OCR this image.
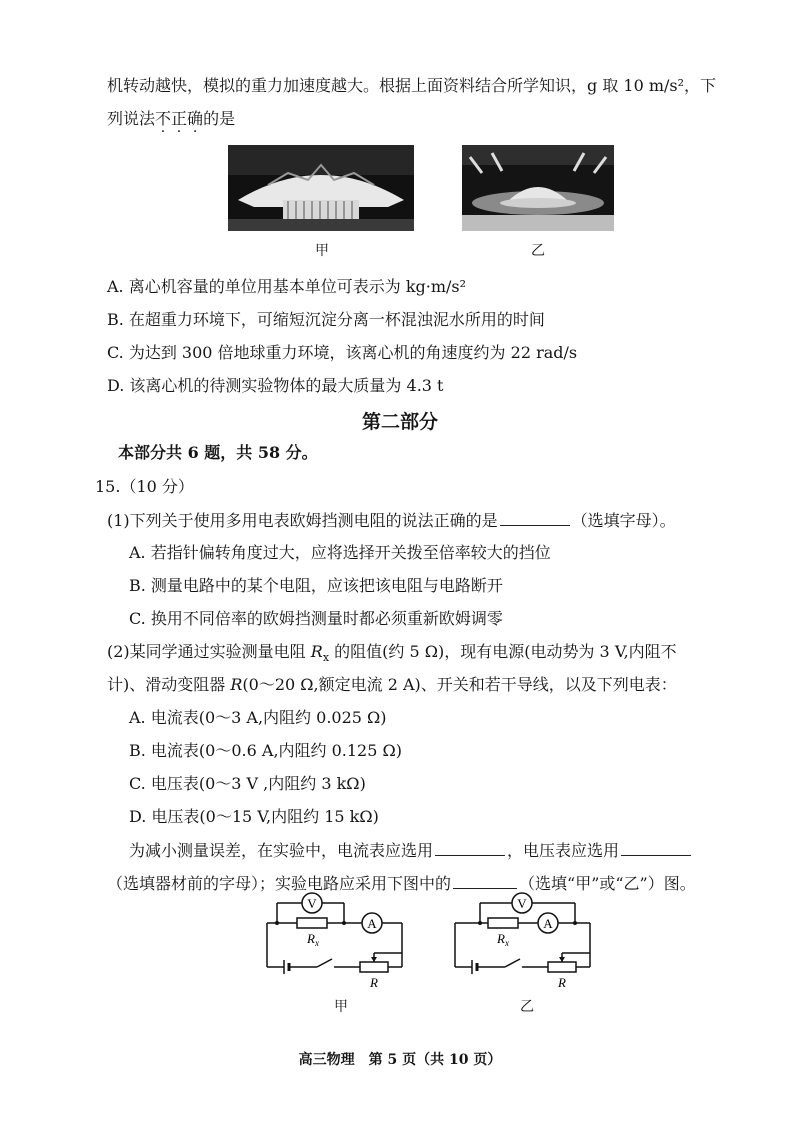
机转动越快，模拟的重力加速度越大。根据上面资料结合所学知识，g 取 10 m/s²，下
列说法不正确的是
甲	乙
A. 离心机容量的单位用基本单位可表示为 kg·m/s²
B. 在超重力环境下，可缩短沉淀分离一杯混浊泥水所用的时间
C. 为达到 300 倍地球重力环境，该离心机的角速度约为 22 rad/s
D. 该离心机的待测实验物体的最大质量为 4.3 t
第二部分
本部分共 6 题，共 58 分。
15.（10 分）
(1)下列关于使用多用电表欧姆挡测电阻的说法正确的是	（选填字母）。
A. 若指针偏转角度过大，应将选择开关拨至倍率较大的挡位
B. 测量电路中的某个电阻，应该把该电阻与电路断开
C. 换用不同倍率的欧姆挡测量时都必须重新欧姆调零
(2)某同学通过实验测量电阻 $R_x$ 的阻值(约 5 Ω)，现有电源(电动势为 3 V,内阻不
计)、滑动变阻器 R(0～20 Ω,额定电流 2 A)、开关和若干导线，以及下列电表：
A. 电流表(0～3 A,内阻约 0.025 Ω)
B. 电流表(0～0.6 A,内阻约 0.125 Ω)
C. 电压表(0～3 V ,内阻约 3 kΩ)
D. 电压表(0～15 V,内阻约 15 kΩ)
为减小测量误差，在实验中，电流表应选用	，电压表应选用
（选填器材前的字母）；实验电路应采用下图中的	（选填“甲”或“乙”）图。
V
A
$R_x$
R
甲
V
A
$R_x$
R
乙
高三物理　第 5 页（共 10 页）
